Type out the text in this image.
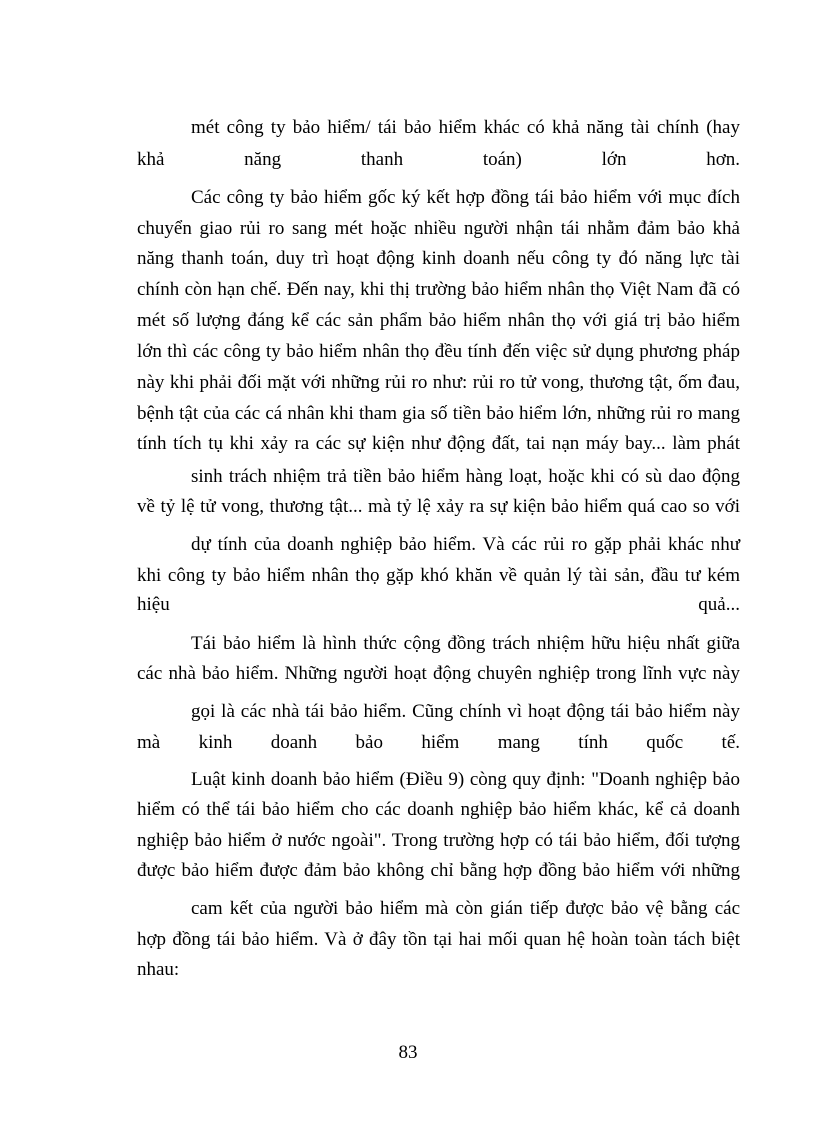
mét công ty bảo hiểm/ tái bảo hiểm khác có khả năng tài chính (hay
khả năng thanh toán) lớn hơn.
Các công ty bảo hiểm gốc ký kết hợp đồng tái bảo hiểm với mục đích
chuyển giao rủi ro sang mét hoặc nhiều người nhận tái nhằm đảm bảo khả
năng thanh toán, duy trì hoạt động kinh doanh nếu công ty đó năng lực tài
chính còn hạn chế. Đến nay, khi thị trường bảo hiểm nhân thọ Việt Nam đã có
mét số lượng đáng kể các sản phẩm bảo hiểm nhân thọ với giá trị bảo hiểm
lớn thì các công ty bảo hiểm nhân thọ đều tính đến việc sử dụng phương pháp
này khi phải đối mặt với những rủi ro như: rủi ro tử vong, thương tật, ốm đau,
bệnh tật của các cá nhân khi tham gia số tiền bảo hiểm lớn, những rủi ro mang
tính tích tụ khi xảy ra các sự kiện như động đất, tai nạn máy bay... làm phát
sinh trách nhiệm trả tiền bảo hiểm hàng loạt, hoặc khi có sù dao động
về tỷ lệ tử vong, thương tật... mà tỷ lệ xảy ra sự kiện bảo hiểm quá cao so với
dự tính của doanh nghiệp bảo hiểm. Và các rủi ro gặp phải khác như
khi công ty bảo hiểm nhân thọ gặp khó khăn về quản lý tài sản, đầu tư kém
hiệu quả...
Tái bảo hiểm là hình thức cộng đồng trách nhiệm hữu hiệu nhất giữa
các nhà bảo hiểm. Những người hoạt động chuyên nghiệp trong lĩnh vực này
gọi là các nhà tái bảo hiểm. Cũng chính vì hoạt động tái bảo hiểm này
mà kinh doanh bảo hiểm mang tính quốc tế.
Luật kinh doanh bảo hiểm (Điều 9) còng quy định: "Doanh nghiệp bảo
hiểm có thể tái bảo hiểm cho các doanh nghiệp bảo hiểm khác, kể cả doanh
nghiệp bảo hiểm ở nước ngoài". Trong trường hợp có tái bảo hiểm, đối tượng
được bảo hiểm được đảm bảo không chỉ bằng hợp đồng bảo hiểm với những
cam kết của người bảo hiểm mà còn gián tiếp được bảo vệ bằng các
hợp đồng tái bảo hiểm. Và ở đây tồn tại hai mối quan hệ hoàn toàn tách biệt
nhau:
83
